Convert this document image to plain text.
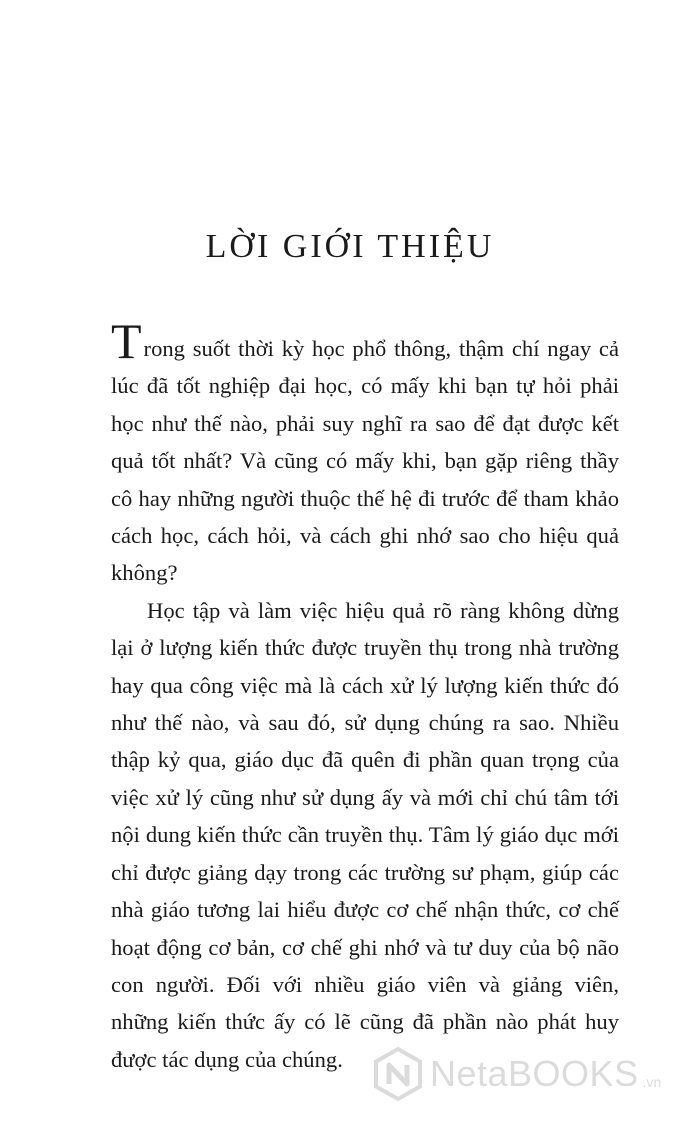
LỜI GIỚI THIỆU

Trong suốt thời kỳ học phổ thông, thậm chí ngay cả lúc đã tốt nghiệp đại học, có mấy khi bạn tự hỏi phải học như thế nào, phải suy nghĩ ra sao để đạt được kết quả tốt nhất? Và cũng có mấy khi, bạn gặp riêng thầy cô hay những người thuộc thế hệ đi trước để tham khảo cách học, cách hỏi, và cách ghi nhớ sao cho hiệu quả không?

Học tập và làm việc hiệu quả rõ ràng không dừng lại ở lượng kiến thức được truyền thụ trong nhà trường hay qua công việc mà là cách xử lý lượng kiến thức đó như thế nào, và sau đó, sử dụng chúng ra sao. Nhiều thập kỷ qua, giáo dục đã quên đi phần quan trọng của việc xử lý cũng như sử dụng ấy và mới chỉ chú tâm tới nội dung kiến thức cần truyền thụ. Tâm lý giáo dục mới chỉ được giảng dạy trong các trường sư phạm, giúp các nhà giáo tương lai hiểu được cơ chế nhận thức, cơ chế hoạt động cơ bản, cơ chế ghi nhớ và tư duy của bộ não con người. Đối với nhiều giáo viên và giảng viên, những kiến thức ấy có lẽ cũng đã phần nào phát huy được tác dụng của chúng.	NetaBOOKS .vn
